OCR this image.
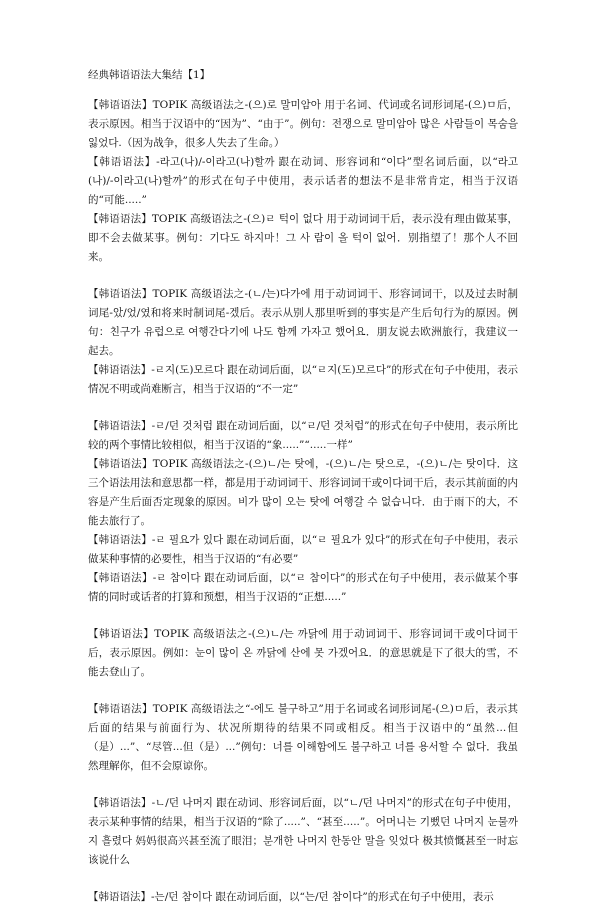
经典韩语语法大集结【1】

【韩语语法】TOPIK 高级语法之-(으)로 말미암아 用于名词、代词或名词形词尾-(으)ㅁ后，表示原因。相当于汉语中的“因为”、“由于”。例句：전쟁으로 말미암아 많은 사람들이 목숨을 잃었다.（因为战争，很多人失去了生命。）

【韩语语法】-라고(나)/-이라고(나)할까 跟在动词、形容词和“이다”型名词后面，以“라고(나)/-이라고(나)할까”的形式在句子中使用，表示话者的想法不是非常肯定，相当于汉语的“可能.....”

【韩语语法】TOPIK 高级语法之-(으)ㄹ 턱이 없다 用于动词词干后，表示没有理由做某事，即不会去做某事。例句：기다도 하지마！그 사 람이 올 턱이 없어．别指望了！那个人不回来。

【韩语语法】TOPIK 高级语法之-(ㄴ/는)다가에 用于动词词干、形容词词干，以及过去时制词尾-았/었/였和将来时制词尾-겠后。表示从别人那里听到的事实是产生后句行为的原因。例句：친구가 유럽으로 여행간다기에 나도 함께 가자고 했어요．朋友说去欧洲旅行，我建议一起去。

【韩语语法】-ㄹ지(도)모르다 跟在动词后面，以“ㄹ지(도)모르다”的形式在句子中使用，表示情况不明或尚难断言，相当于汉语的“不一定”

【韩语语法】-ㄹ/던 것처럼 跟在动词后面，以“ㄹ/던 것처럼”的形式在句子中使用，表示所比较的两个事情比较相似，相当于汉语的“象.....”“.....一样”

【韩语语法】TOPIK 高级语法之-(으)ㄴ/는 탓에，-(으)ㄴ/는 탓으로，-(으)ㄴ/는 탓이다．这三个语法用法和意思都一样，都是用于动词词干、形容词词干或이다词干后，表示其前面的内容是产生后面否定现象的原因。비가 많이 오는 탓에 여행갈 수 없습니다．由于雨下的大，不能去旅行了。

【韩语语法】-ㄹ 필요가 있다 跟在动词后面，以“ㄹ 필요가 있다”的形式在句子中使用，表示做某种事情的必要性，相当于汉语的“有必要”

【韩语语法】-ㄹ 참이다 跟在动词后面，以“ㄹ 참이다”的形式在句子中使用，表示做某个事情的同时或话者的打算和预想，相当于汉语的“正想.....”

【韩语语法】TOPIK 高级语法之-(으)ㄴ/는 까닭에 用于动词词干、形容词词干或이다词干后，表示原因。例如：눈이 많이 온 까닭에 산에 못 가겠어요．的意思就是下了很大的雪，不能去登山了。

【韩语语法】TOPIK 高级语法之“-에도 불구하고”用于名词或名词形词尾-(으)ㅁ后，表示其后面的结果与前面行为、状况所期待的结果不同或相反。相当于汉语中的“虽然...但（是）...”、“尽管...但（是）...”例句：너를 이해함에도 불구하고 너를 용서할 수 없다．我虽然理解你，但不会原谅你。

【韩语语法】-ㄴ/던 나머지 跟在动词、形容词后面，以“ㄴ/던 나머지”的形式在句子中使用，表示某种事情的结果，相当于汉语的“除了.....”、“甚至.....”。어머니는 기뻤던 나머지 눈물까지 흘렸다 妈妈很高兴甚至流了眼泪；분개한 나머지 한동안 말을 잊었다 极其愤慨甚至一时忘该说什么

【韩语语法】-는/던 참이다 跟在动词后面，以“는/던 참이다”的形式在句子中使用，表示
